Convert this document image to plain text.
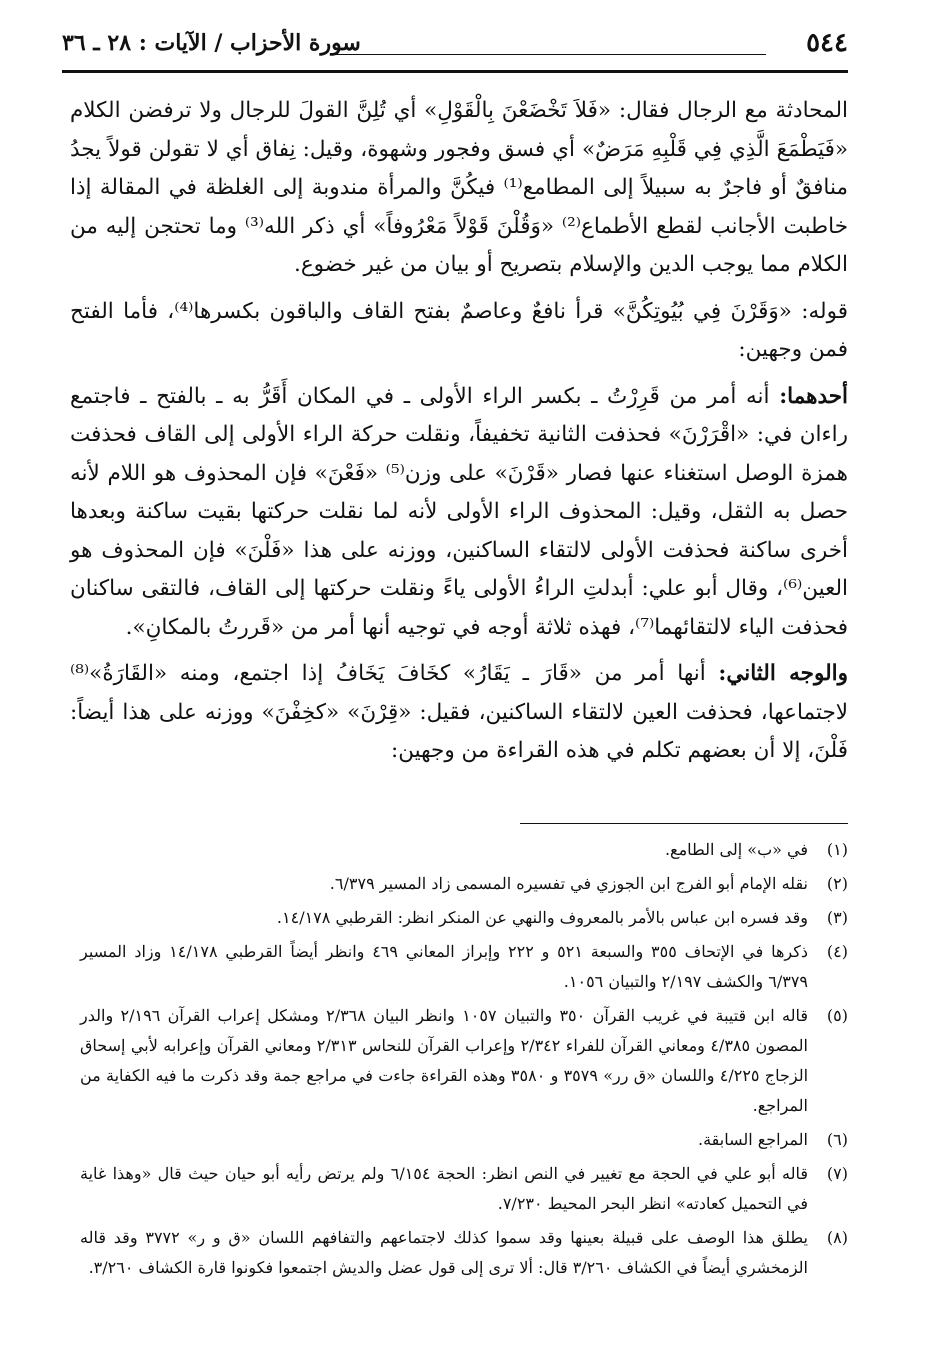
٥٤٤
سورة الأحزاب / الآيات : ٢٨ ـ ٣٦

المحادثة مع الرجال فقال: «فَلاَ تَخْضَعْنَ بِالْقَوْلِ» أي تُلِنَّ القولَ للرجال ولا ترفضن الكلام «فَيَطْمَعَ الَّذِي فِي قَلْبِهِ مَرَضٌ» أي فسق وفجور وشهوة، وقيل: نِفاق أي لا تقولن قولاً يجدُ منافقٌ أو فاجرٌ به سبيلاً إلى المطامع⁽¹⁾ فيكُنَّ والمرأة مندوبة إلى الغلظة في المقالة إذا خاطبت الأجانب لقطع الأطماع⁽²⁾ «وَقُلْنَ قَوْلاً مَعْرُوفاً» أي ذكر الله⁽³⁾ وما تحتجن إليه من الكلام مما يوجب الدين والإسلام بتصريح أو بيان من غير خضوع.

قوله: «وَقَرْنَ فِي بُيُوتِكُنَّ» قرأ نافعٌ وعاصمٌ بفتح القاف والباقون بكسرها⁽⁴⁾، فأما الفتح فمن وجهين:

أحدهما: أنه أمر من قَرِرْتُ ـ بكسر الراء الأولى ـ في المكان أَقَرُّ به ـ بالفتح ـ فاجتمع راءان في: «اقْرَرْنَ» فحذفت الثانية تخفيفاً، ونقلت حركة الراء الأولى إلى القاف فحذفت همزة الوصل استغناء عنها فصار «قَرْنَ» على وزن⁽⁵⁾ «فَعْنَ» فإن المحذوف هو اللام لأنه حصل به الثقل، وقيل: المحذوف الراء الأولى لأنه لما نقلت حركتها بقيت ساكنة وبعدها أخرى ساكنة فحذفت الأولى لالتقاء الساكنين، ووزنه على هذا «فَلْنَ» فإن المحذوف هو العين⁽⁶⁾، وقال أبو علي: أبدلتِ الراءُ الأولى ياءً ونقلت حركتها إلى القاف، فالتقى ساكنان فحذفت الياء لالتقائهما⁽⁷⁾، فهذه ثلاثة أوجه في توجيه أنها أمر من «قَررتُ بالمكانِ».

والوجه الثاني: أنها أمر من «قَارَ ـ يَقَارُ» كخَافَ يَخَافُ إذا اجتمع، ومنه «القَارَةُ»⁽⁸⁾ لاجتماعها، فحذفت العين لالتقاء الساكنين، فقيل: «قِرْنَ» «كخِفْنَ» ووزنه على هذا أيضاً: فَلْنَ، إلا أن بعضهم تكلم في هذه القراءة من وجهين:

(١)
في «ب» إلى الطامع.
(٢)
نقله الإمام أبو الفرج ابن الجوزي في تفسيره المسمى زاد المسير ٦/٣٧٩.
(٣)
وقد فسره ابن عباس بالأمر بالمعروف والنهي عن المنكر انظر: القرطبي ١٤/١٧٨.
(٤)
ذكرها في الإتحاف ٣٥٥ والسبعة ٥٢١ و ٢٢٢ وإبراز المعاني ٤٦٩ وانظر أيضاً القرطبي ١٤/١٧٨ وزاد المسير ٦/٣٧٩ والكشف ٢/١٩٧ والتبيان ١٠٥٦.
(٥)
قاله ابن قتيبة في غريب القرآن ٣٥٠ والتبيان ١٠٥٧ وانظر البيان ٢/٣٦٨ ومشكل إعراب القرآن ٢/١٩٦ والدر المصون ٤/٣٨٥ ومعاني القرآن للفراء ٢/٣٤٢ وإعراب القرآن للنحاس ٢/٣١٣ ومعاني القرآن وإعرابه لأبي إسحاق الزجاج ٤/٢٢٥ واللسان «ق رر» ٣٥٧٩ و ٣٥٨٠ وهذه القراءة جاءت في مراجع جمة وقد ذكرت ما فيه الكفاية من المراجع.
(٦)
المراجع السابقة.
(٧)
قاله أبو علي في الحجة مع تغيير في النص انظر: الحجة ٦/١٥٤ ولم يرتض رأيه أبو حيان حيث قال «وهذا غاية في التحميل كعادته» انظر البحر المحيط ٧/٢٣٠.
(٨)
يطلق هذا الوصف على قبيلة بعينها وقد سموا كذلك لاجتماعهم والتفافهم اللسان «ق و ر» ٣٧٧٢ وقد قاله الزمخشري أيضاً في الكشاف ٣/٢٦٠ قال: ألا ترى إلى قول عضل والديش اجتمعوا فكونوا قارة الكشاف ٣/٢٦٠.
